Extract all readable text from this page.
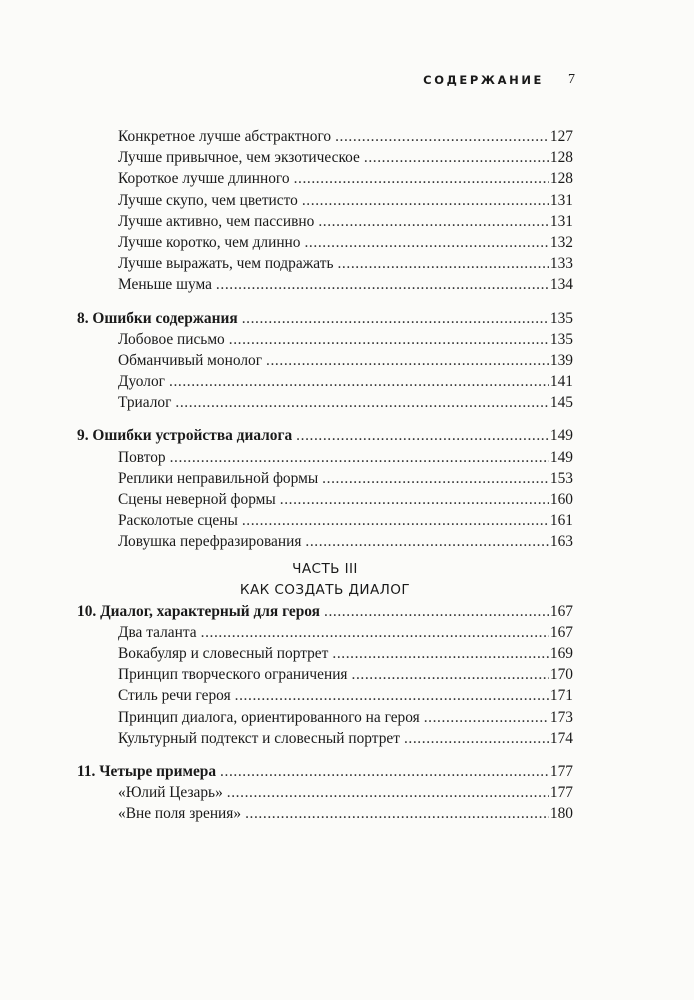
СОДЕРЖАНИЕ 7
Конкретное лучше абстрактного .....	127
Лучше привычное, чем экзотическое .....	128
Короткое лучше длинного .....	128
Лучше скупо, чем цветисто .....	131
Лучше активно, чем пассивно .....	131
Лучше коротко, чем длинно .....	132
Лучше выражать, чем подражать .....	133
Меньше шума .....	134
8. Ошибки содержания .....	135
Лобовое письмо .....	135
Обманчивый монолог .....	139
Дуолог .....	141
Триалог .....	145
9. Ошибки устройства диалога .....	149
Повтор .....	149
Реплики неправильной формы .....	153
Сцены неверной формы .....	160
Расколотые сцены .....	161
Ловушка перефразирования .....	163
ЧАСТЬ III
КАК СОЗДАТЬ ДИАЛОГ
10. Диалог, характерный для героя .....	167
Два таланта .....	167
Вокабуляр и словесный портрет .....	169
Принцип творческого ограничения .....	170
Стиль речи героя .....	171
Принцип диалога, ориентированного на героя .....	173
Культурный подтекст и словесный портрет .....	174
11. Четыре примера .....	177
«Юлий Цезарь» .....	177
«Вне поля зрения» .....	180
